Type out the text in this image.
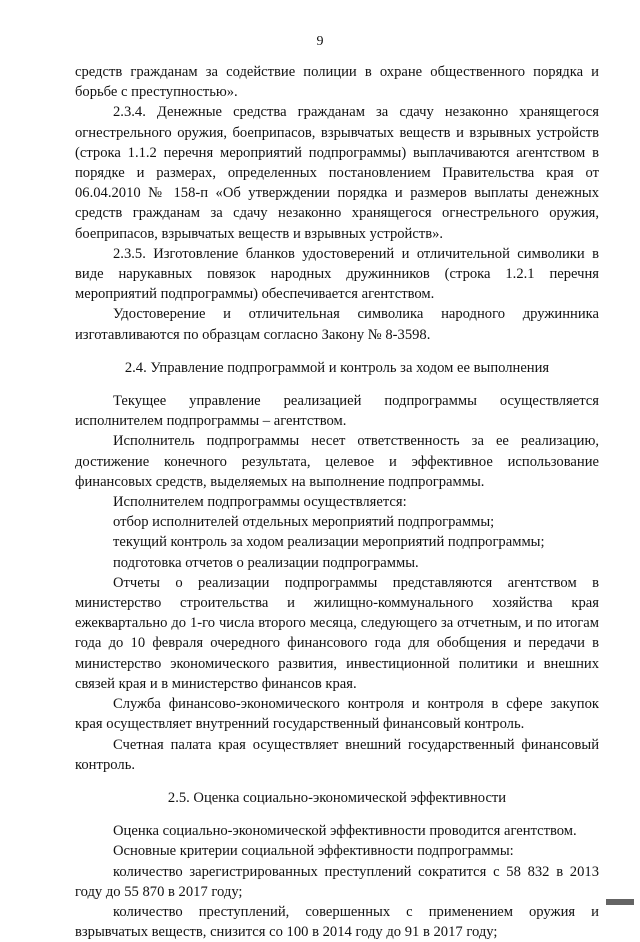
9

средств гражданам за содействие полиции в охране общественного порядка и борьбе с преступностью».

2.3.4. Денежные средства гражданам за сдачу незаконно хранящегося огнестрельного оружия, боеприпасов, взрывчатых веществ и взрывных устройств (строка 1.1.2 перечня мероприятий подпрограммы) выплачиваются агентством в порядке и размерах, определенных постановлением Правительства края от 06.04.2010 № 158-п «Об утверждении порядка и размеров выплаты денежных средств гражданам за сдачу незаконно хранящегося огнестрельного оружия, боеприпасов, взрывчатых веществ и взрывных устройств».

2.3.5. Изготовление бланков удостоверений и отличительной символики в виде нарукавных повязок народных дружинников (строка 1.2.1 перечня мероприятий подпрограммы) обеспечивается агентством.

Удостоверение и отличительная символика народного дружинника изготавливаются по образцам согласно Закону № 8-3598.

2.4. Управление подпрограммой и контроль за ходом ее выполнения

Текущее управление реализацией подпрограммы осуществляется исполнителем подпрограммы – агентством.

Исполнитель подпрограммы несет ответственность за ее реализацию, достижение конечного результата, целевое и эффективное использование финансовых средств, выделяемых на выполнение подпрограммы.

Исполнителем подпрограммы осуществляется:

отбор исполнителей отдельных мероприятий подпрограммы;

текущий контроль за ходом реализации мероприятий подпрограммы;

подготовка отчетов о реализации подпрограммы.

Отчеты о реализации подпрограммы представляются агентством в министерство строительства и жилищно-коммунального хозяйства края ежеквартально до 1-го числа второго месяца, следующего за отчетным, и по итогам года до 10 февраля очередного финансового года для обобщения и передачи в министерство экономического развития, инвестиционной политики и внешних связей края и в министерство финансов края.

Служба финансово-экономического контроля и контроля в сфере закупок края осуществляет внутренний государственный финансовый контроль.

Счетная палата края осуществляет внешний государственный финансовый контроль.

2.5. Оценка социально-экономической эффективности

Оценка социально-экономической эффективности проводится агентством.

Основные критерии социальной эффективности подпрограммы:

количество зарегистрированных преступлений сократится с 58 832 в 2013 году до 55 870 в 2017 году;

количество преступлений, совершенных с применением оружия и взрывчатых веществ, снизится со 100 в 2014 году до 91 в 2017 году;
